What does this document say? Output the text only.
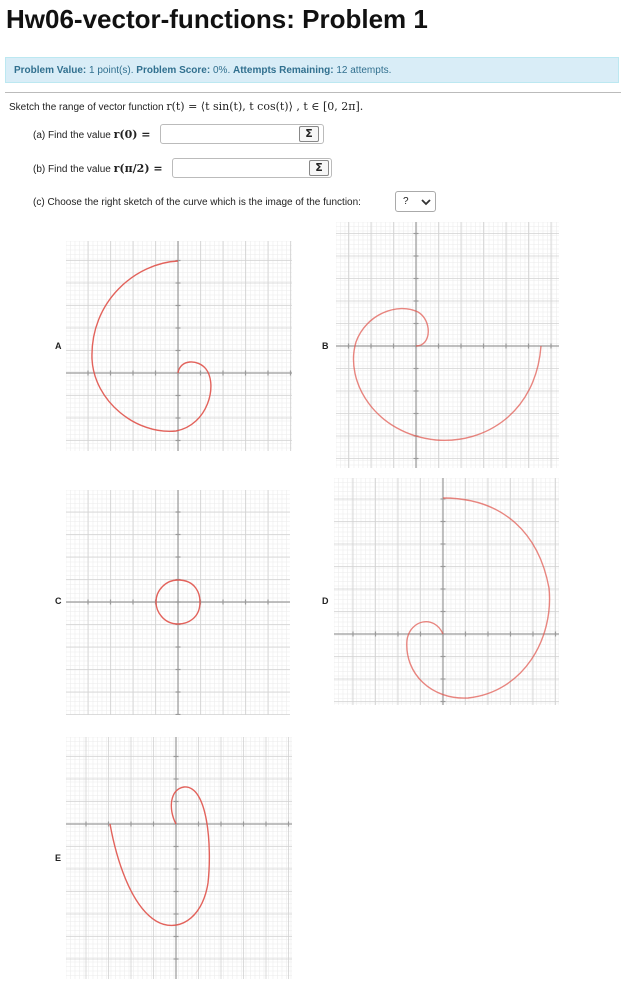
Hw06-vector-functions: Problem 1
Problem Value: 1 point(s). Problem Score: 0%. Attempts Remaining: 12 attempts.
Sketch the range of vector function r(t) = ⟨t sin(t), t cos(t)⟩ , t ∈ [0, 2π].
(a) Find the value r(0) =	Σ
(b) Find the value r(π/2) =	Σ
(c) Choose the right sketch of the curve which is the image of the function:	?
A	B
C	D
E
